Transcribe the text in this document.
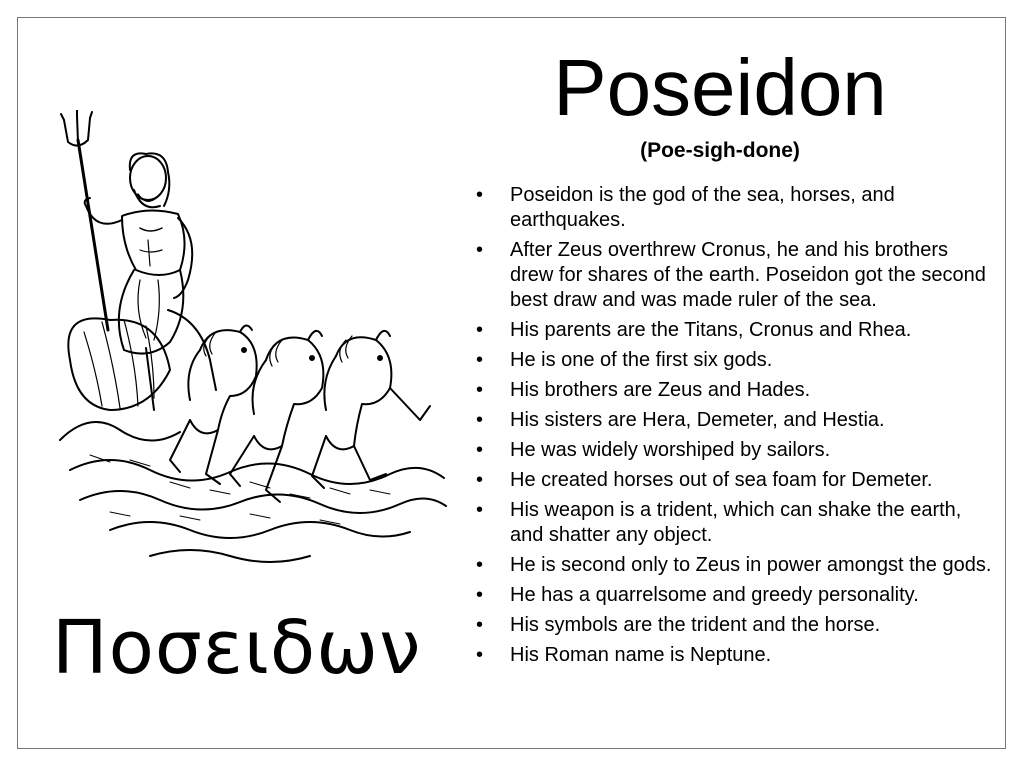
Poseidon
(Poe-sigh-done)
• Poseidon is the god of the sea, horses, and earthquakes.
• After Zeus overthrew Cronus, he and his brothers drew for shares of the earth. Poseidon got the second best draw and was made ruler of the sea.
• His parents are the Titans, Cronus and Rhea.
• He is one of the first six gods.
• His brothers are Zeus and Hades.
• His sisters are Hera, Demeter, and Hestia.
• He was widely worshiped by sailors.
• He created horses out of sea foam for Demeter.
• His weapon is a trident, which can shake the earth, and shatter any object.
• He is second only to Zeus in power amongst the gods.
• He has a quarrelsome and greedy personality.
• His symbols are the trident and the horse.
• His Roman name is Neptune.
Ποσειδων
